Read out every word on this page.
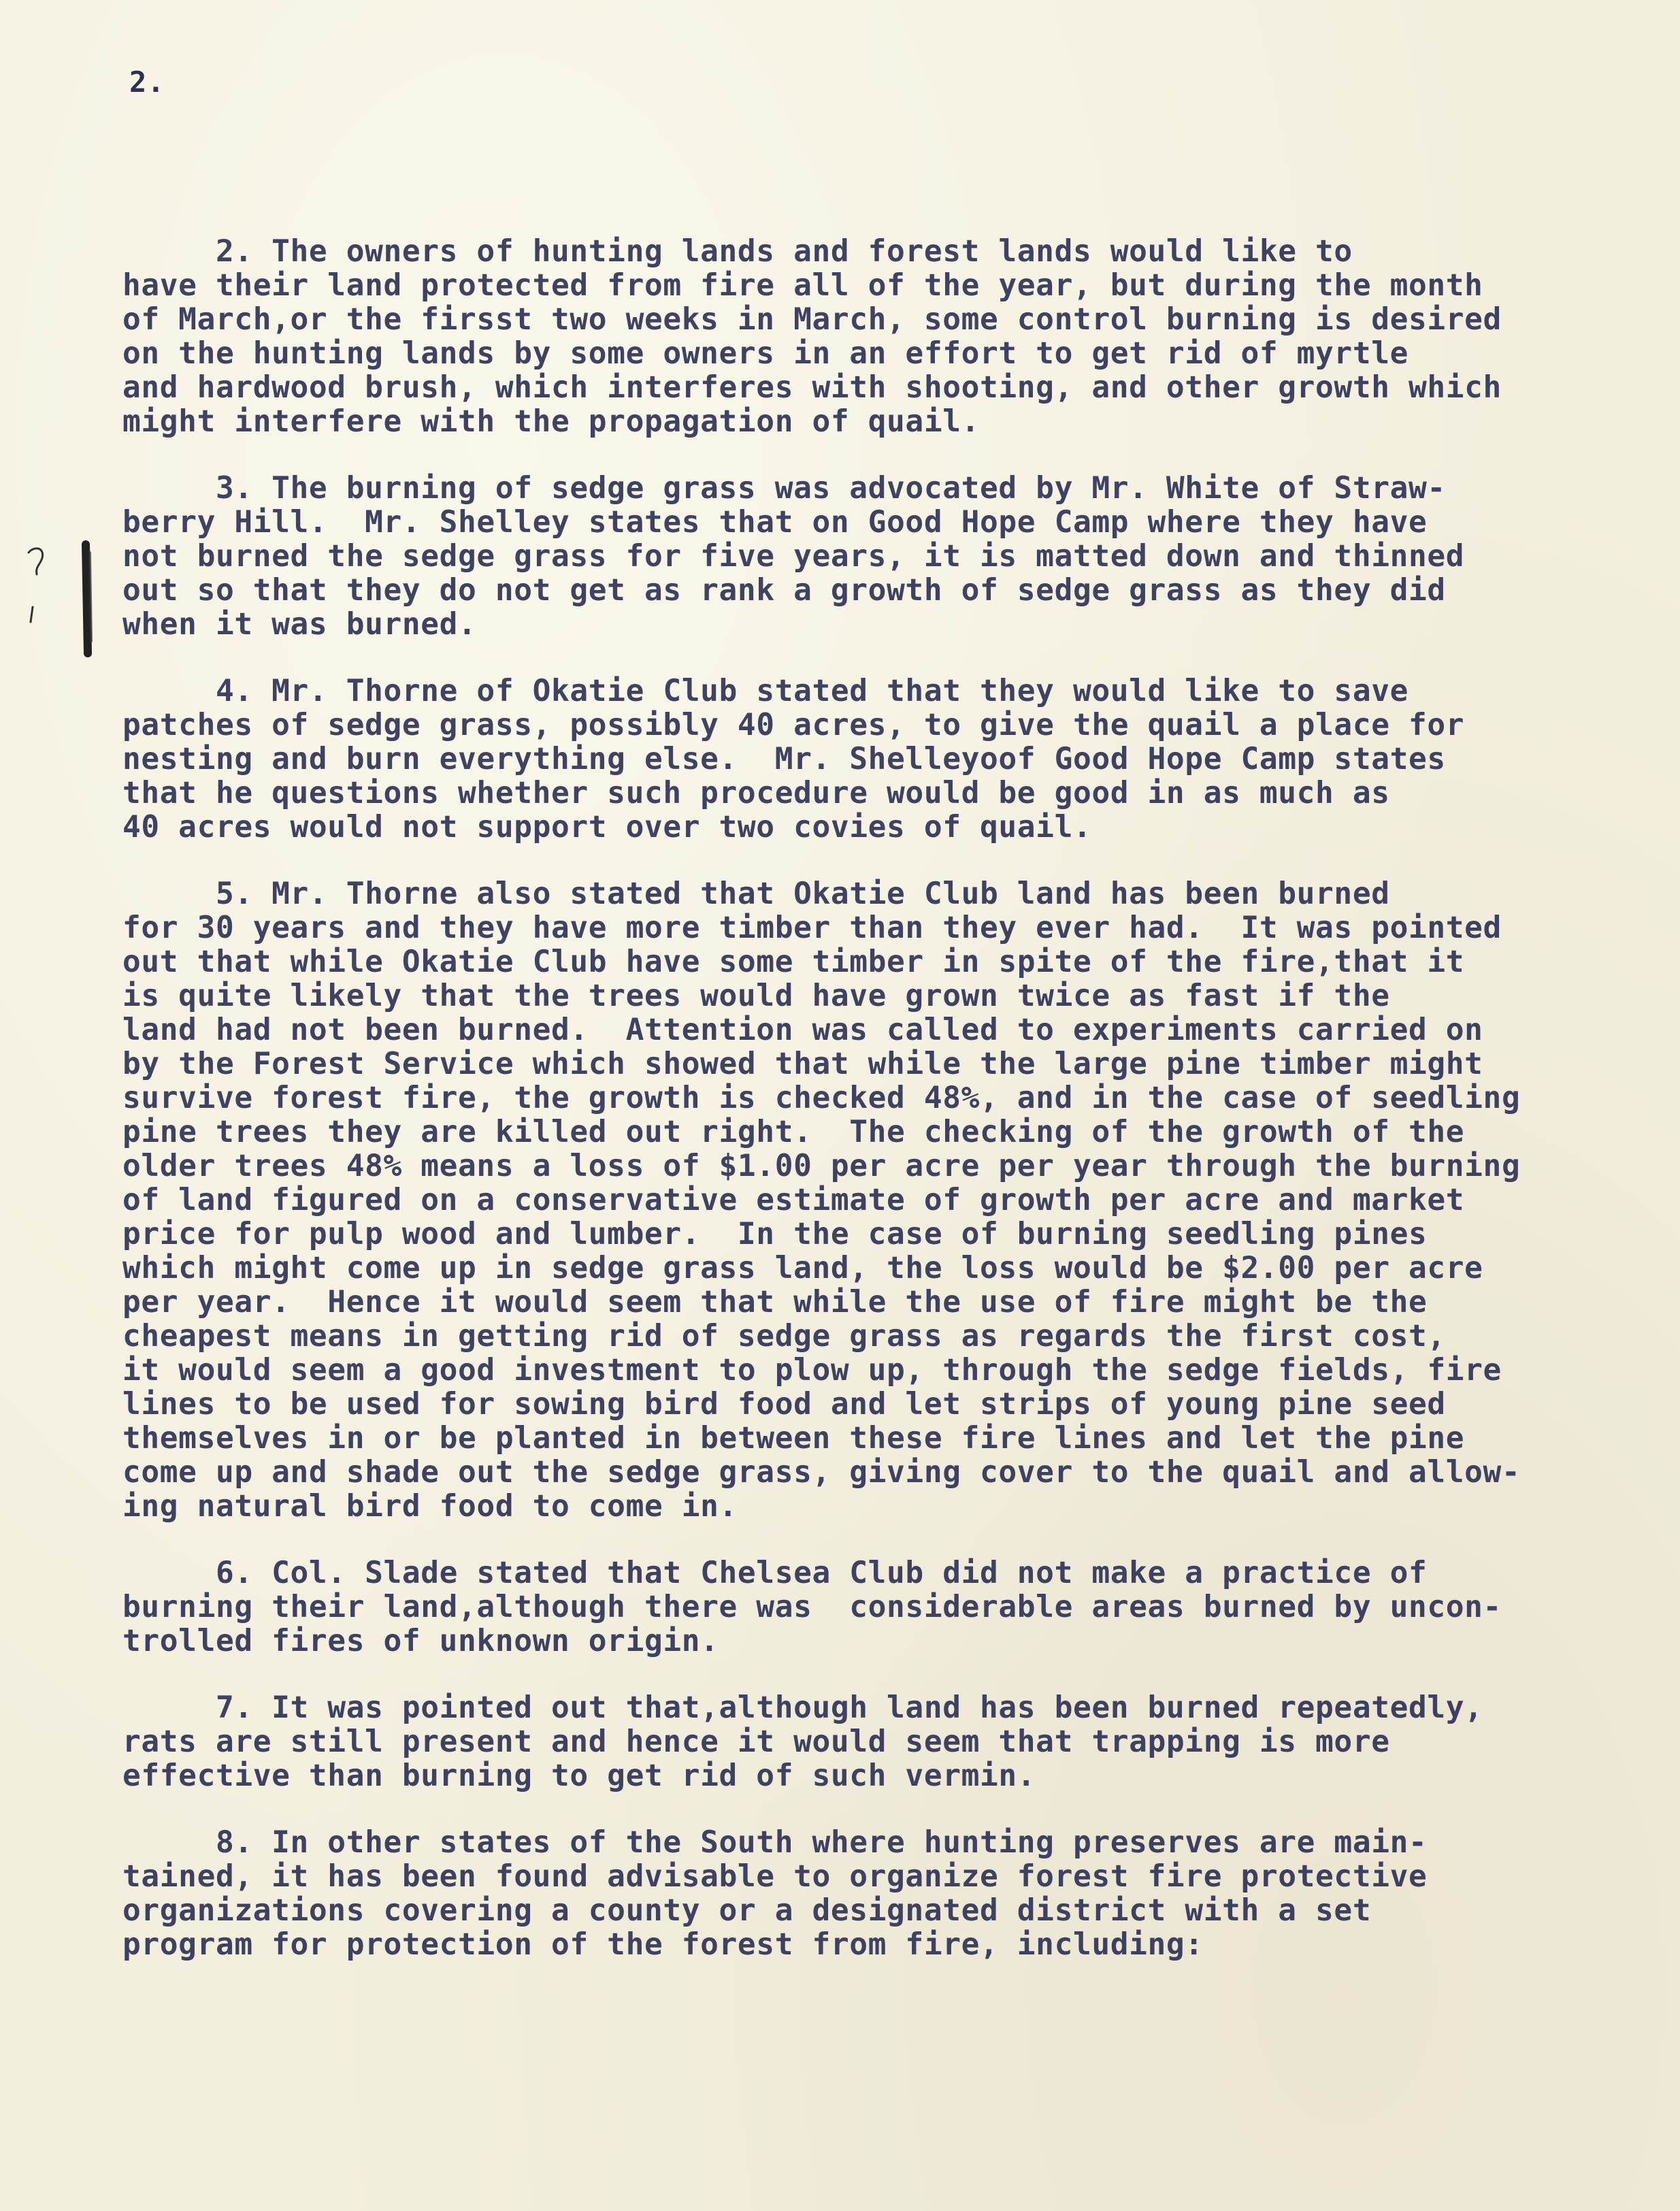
2.
2. The owners of hunting lands and forest lands would like to
have their land protected from fire all of the year, but during the month
of March,or the firsst two weeks in March, some control burning is desired
on the hunting lands by some owners in an effort to get rid of myrtle
and hardwood brush, which interferes with shooting, and other growth which
might interfere with the propagation of quail.
3. The burning of sedge grass was advocated by Mr. White of Straw-
berry Hill.  Mr. Shelley states that on Good Hope Camp where they have
not burned the sedge grass for five years, it is matted down and thinned
out so that they do not get as rank a growth of sedge grass as they did
when it was burned.
4. Mr. Thorne of Okatie Club stated that they would like to save
patches of sedge grass, possibly 40 acres, to give the quail a place for
nesting and burn everything else.  Mr. Shelleyoof Good Hope Camp states
that he questions whether such procedure would be good in as much as
40 acres would not support over two covies of quail.
5. Mr. Thorne also stated that Okatie Club land has been burned
for 30 years and they have more timber than they ever had.  It was pointed
out that while Okatie Club have some timber in spite of the fire,that it
is quite likely that the trees would have grown twice as fast if the
land had not been burned.  Attention was called to experiments carried on
by the Forest Service which showed that while the large pine timber might
survive forest fire, the growth is checked 48%, and in the case of seedling
pine trees they are killed out right.  The checking of the growth of the
older trees 48% means a loss of $1.00 per acre per year through the burning
of land figured on a conservative estimate of growth per acre and market
price for pulp wood and lumber.  In the case of burning seedling pines
which might come up in sedge grass land, the loss would be $2.00 per acre
per year.  Hence it would seem that while the use of fire might be the
cheapest means in getting rid of sedge grass as regards the first cost,
it would seem a good investment to plow up, through the sedge fields, fire
lines to be used for sowing bird food and let strips of young pine seed
themselves in or be planted in between these fire lines and let the pine
come up and shade out the sedge grass, giving cover to the quail and allow-
ing natural bird food to come in.
6. Col. Slade stated that Chelsea Club did not make a practice of
burning their land,although there was  considerable areas burned by uncon-
trolled fires of unknown origin.
7. It was pointed out that,although land has been burned repeatedly,
rats are still present and hence it would seem that trapping is more
effective than burning to get rid of such vermin.
8. In other states of the South where hunting preserves are main-
tained, it has been found advisable to organize forest fire protective
organizations covering a county or a designated district with a set
program for protection of the forest from fire, including:
